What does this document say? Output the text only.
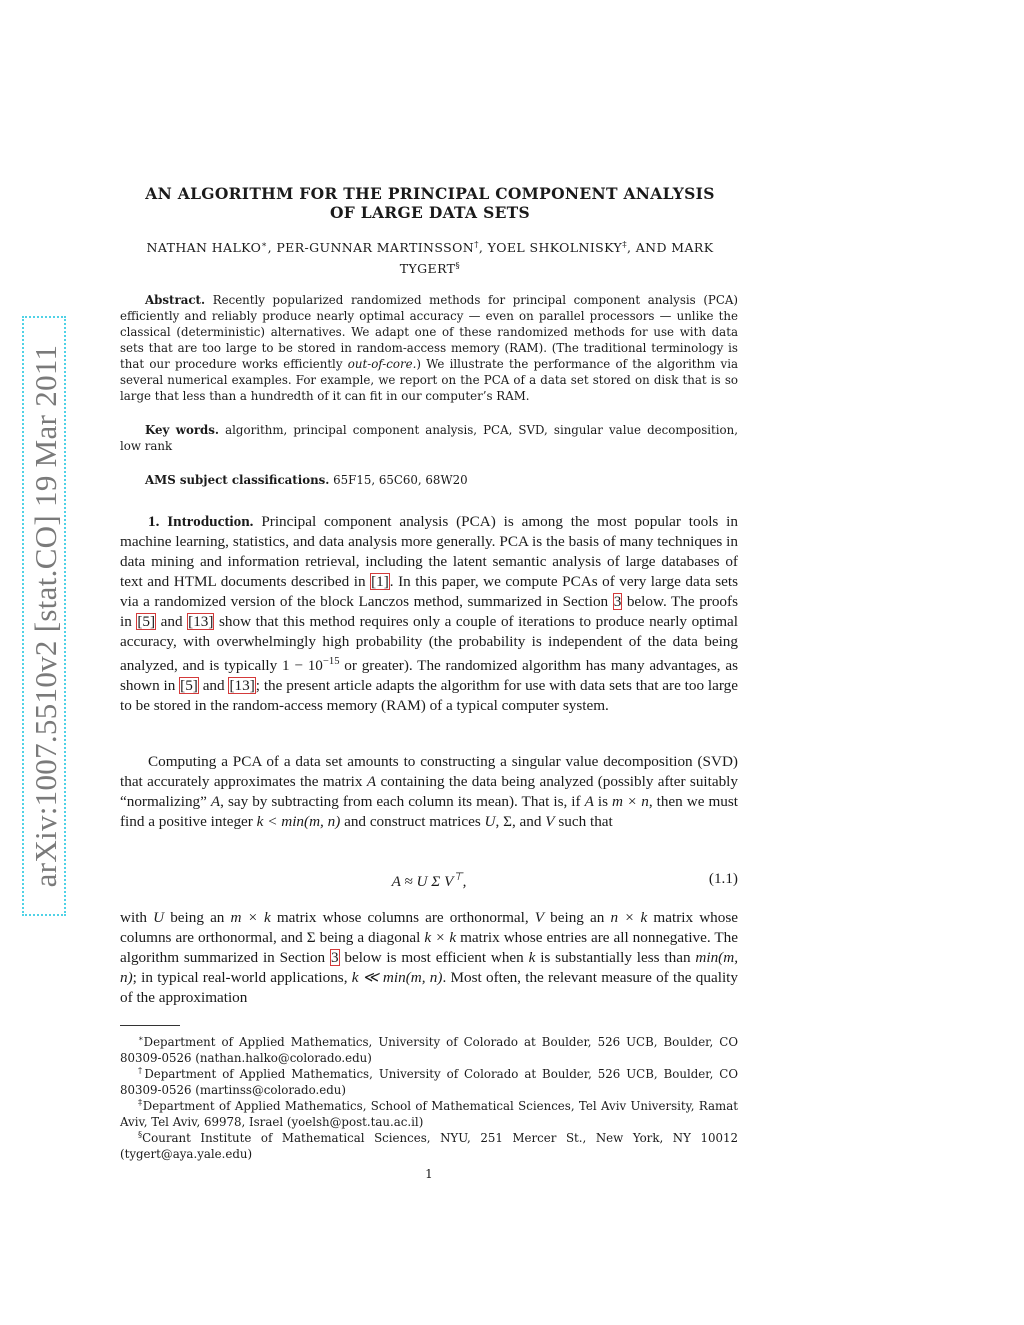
arXiv:1007.5510v2 [stat.CO] 19 Mar 2011
AN ALGORITHM FOR THE PRINCIPAL COMPONENT ANALYSIS
OF LARGE DATA SETS
NATHAN HALKO∗, PER-GUNNAR MARTINSSON†, YOEL SHKOLNISKY‡, AND MARK
TYGERT§

Abstract. Recently popularized randomized methods for principal component analysis (PCA) efficiently and reliably produce nearly optimal accuracy — even on parallel processors — unlike the classical (deterministic) alternatives. We adapt one of these randomized methods for use with data sets that are too large to be stored in random-access memory (RAM). (The traditional terminology is that our procedure works efficiently out-of-core.) We illustrate the performance of the algorithm via several numerical examples. For example, we report on the PCA of a data set stored on disk that is so large that less than a hundredth of it can fit in our computer’s RAM.

Key words. algorithm, principal component analysis, PCA, SVD, singular value decomposition, low rank

AMS subject classifications. 65F15, 65C60, 68W20

1. Introduction. Principal component analysis (PCA) is among the most popular tools in machine learning, statistics, and data analysis more generally. PCA is the basis of many techniques in data mining and information retrieval, including the latent semantic analysis of large databases of text and HTML documents described in [1]. In this paper, we compute PCAs of very large data sets via a randomized version of the block Lanczos method, summarized in Section 3 below. The proofs in [5] and [13] show that this method requires only a couple of iterations to produce nearly optimal accuracy, with overwhelmingly high probability (the probability is independent of the data being analyzed, and is typically $1 - 10^{-15}$ or greater). The randomized algorithm has many advantages, as shown in [5] and [13]; the present article adapts the algorithm for use with data sets that are too large to be stored in the random-access memory (RAM) of a typical computer system.

Computing a PCA of a data set amounts to constructing a singular value decomposition (SVD) that accurately approximates the matrix A containing the data being analyzed (possibly after suitably “normalizing” A, say by subtracting from each column its mean). That is, if A is m × n, then we must find a positive integer k < min(m, n) and construct matrices U, Σ, and V such that

A ≈ U Σ V⊤,	(1.1)

with U being an m × k matrix whose columns are orthonormal, V being an n × k matrix whose columns are orthonormal, and Σ being a diagonal k × k matrix whose entries are all nonnegative. The algorithm summarized in Section 3 below is most efficient when k is substantially less than min(m, n); in typical real-world applications, k ≪ min(m, n). Most often, the relevant measure of the quality of the approximation

∗Department of Applied Mathematics, University of Colorado at Boulder, 526 UCB, Boulder, CO 80309-0526 (nathan.halko@colorado.edu)

†Department of Applied Mathematics, University of Colorado at Boulder, 526 UCB, Boulder, CO 80309-0526 (martinss@colorado.edu)

‡Department of Applied Mathematics, School of Mathematical Sciences, Tel Aviv University, Ramat Aviv, Tel Aviv, 69978, Israel (yoelsh@post.tau.ac.il)

§Courant Institute of Mathematical Sciences, NYU, 251 Mercer St., New York, NY 10012 (tygert@aya.yale.edu)

1
